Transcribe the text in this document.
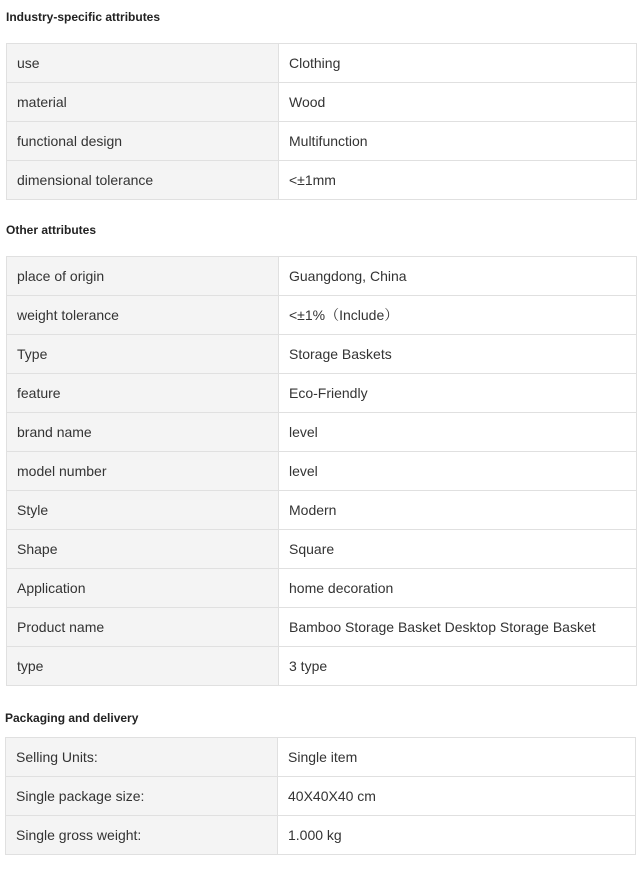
Industry-specific attributes
use	Clothing
material	Wood
functional design	Multifunction
dimensional tolerance	<±1mm
Other attributes
place of origin	Guangdong, China
weight tolerance	<±1%（Include）
Type	Storage Baskets
feature	Eco-Friendly
brand name	level
model number	level
Style	Modern
Shape	Square
Application	home decoration
Product name	Bamboo Storage Basket Desktop Storage Basket
type	3 type
Packaging and delivery
Selling Units:	Single item
Single package size:	40X40X40 cm
Single gross weight:	1.000 kg
